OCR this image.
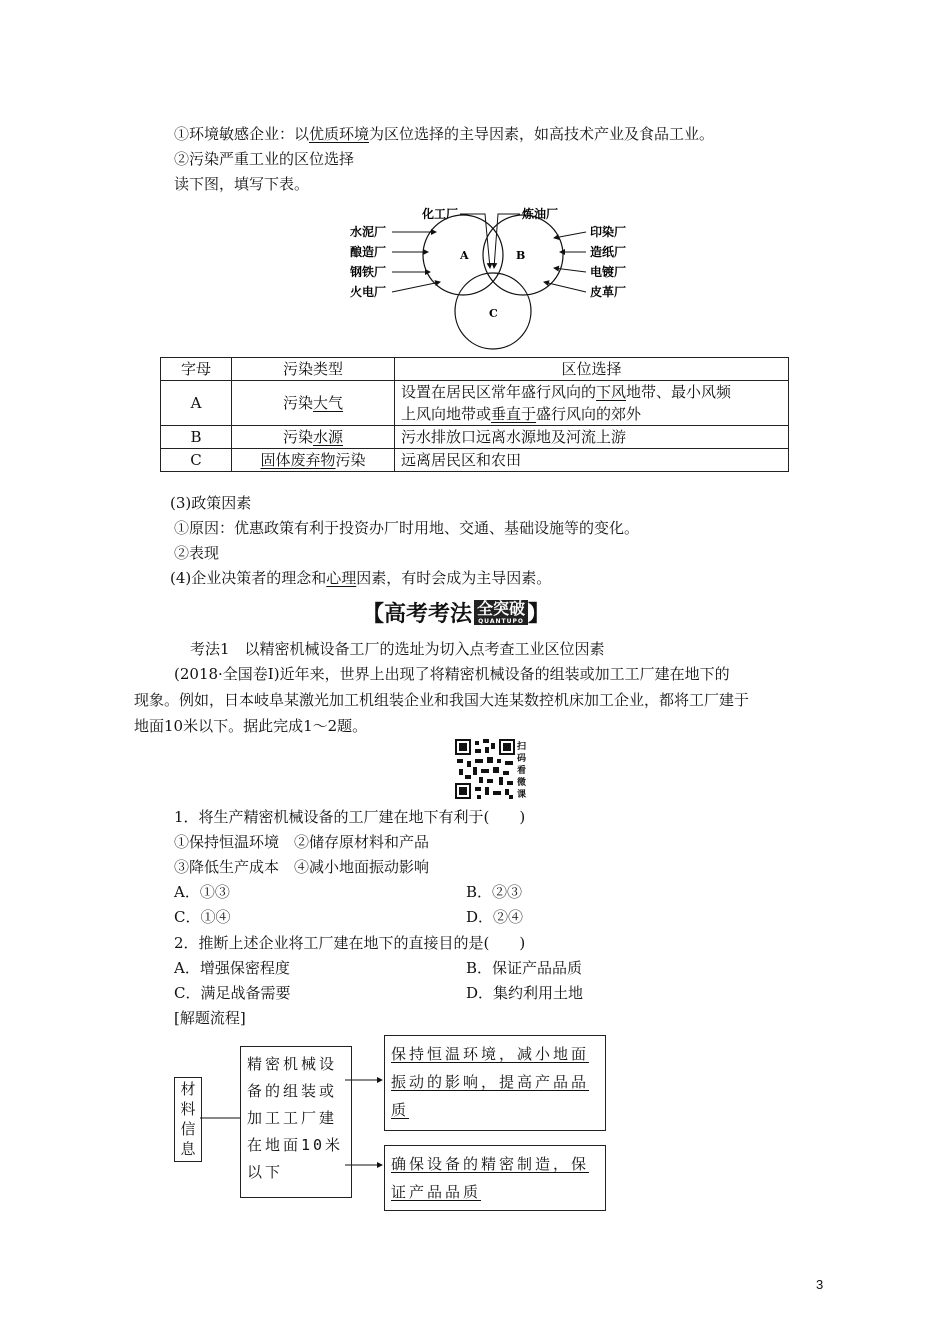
①环境敏感企业：以优质环境为区位选择的主导因素，如高技术产业及食品工业。
②污染严重工业的区位选择
读下图，填写下表。
A	B
C
化工厂	炼油厂
水泥厂
酿造厂
钢铁厂
火电厂
印染厂
造纸厂
电镀厂
皮革厂
字母	污染类型	区位选择
A	污染大气	设置在居民区常年盛行风向的下风地带、最小风频
上风向地带或垂直于盛行风向的郊外

B	污染水源	污水排放口远离水源地及河流上游
C	固体废弃物污染	远离居民区和农田
(3)政策因素
①原因：优惠政策有利于投资办厂时用地、交通、基础设施等的变化。
②表现
(4)企业决策者的理念和心理因素，有时会成为主导因素。
【 高考考法 全突破
QUANTUPO 】
考法1　以精密机械设备工厂的选址为切入点考查工业区位因素
(2018·全国卷Ⅰ)近年来，世界上出现了将精密机械设备的组装或加工工厂建在地下的
现象。例如，日本岐阜某激光加工机组装企业和我国大连某数控机床加工企业，都将工厂建于
地面10米以下。据此完成1～2题。
扫
码
看
微
课
1．将生产精密机械设备的工厂建在地下有利于(　　)
①保持恒温环境　②储存原材料和产品
③降低生产成本　④减小地面振动影响
A．①③	B．②③
C．①④	D．②④
2．推断上述企业将工厂建在地下的直接目的是(　　)
A．增强保密程度	B．保证产品品质
C．满足战备需要	D．集约利用土地
[解题流程]
材料信息
精密机械设
备的组装或
加工工厂建
在地面10米
以下
保持恒温环境，减小地面
振动的影响，提高产品品
质
确保设备的精密制造，保
证产品品质
3
